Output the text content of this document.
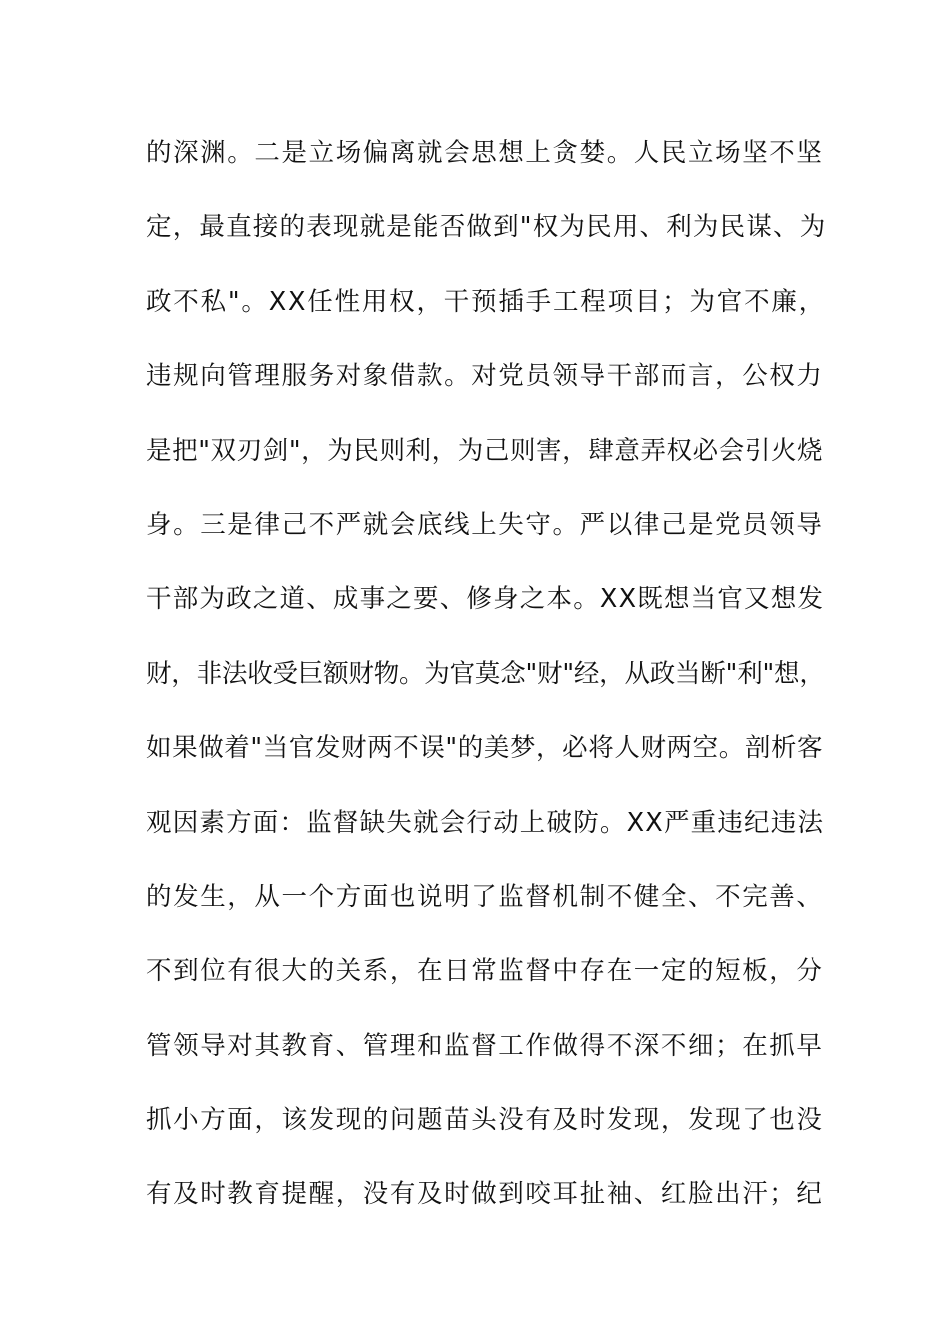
的深渊。二是立场偏离就会思想上贪婪。人民立场坚不坚
定，最直接的表现就是能否做到"权为民用、利为民谋、为
政不私"。XX任性用权，干预插手工程项目；为官不廉，
违规向管理服务对象借款。对党员领导干部而言，公权力
是把"双刃剑"，为民则利，为己则害，肆意弄权必会引火烧
身。三是律己不严就会底线上失守。严以律己是党员领导
干部为政之道、成事之要、修身之本。XX既想当官又想发
财，非法收受巨额财物。为官莫念"财"经，从政当断"利"想，
如果做着"当官发财两不误"的美梦，必将人财两空。剖析客
观因素方面：监督缺失就会行动上破防。XX严重违纪违法
的发生，从一个方面也说明了监督机制不健全、不完善、
不到位有很大的关系，在日常监督中存在一定的短板，分
管领导对其教育、管理和监督工作做得不深不细；在抓早
抓小方面，该发现的问题苗头没有及时发现，发现了也没
有及时教育提醒，没有及时做到咬耳扯袖、红脸出汗；纪
